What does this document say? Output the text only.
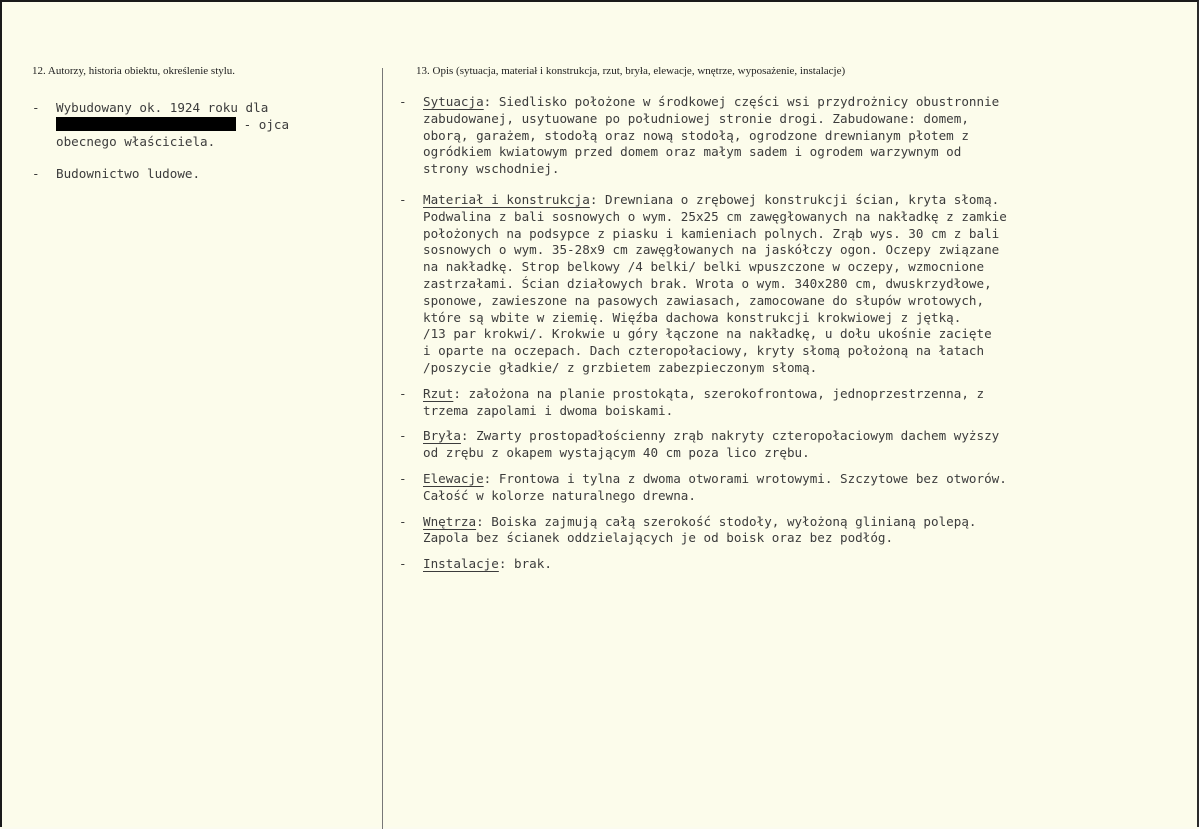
12. Autorzy, historia obiektu, określenie stylu.	13. Opis (sytuacja, materiał i konstrukcja, rzut, bryła, elewacje, wnętrze, wyposażenie, instalacje)
- Wybudowany ok. 1924 roku dla
- ojca
obecnego właściciela.

- Budownictwo ludowe.

- Sytuacja: Siedlisko położone w środkowej części wsi przydrożnicy obustronnie
zabudowanej, usytuowane po południowej stronie drogi. Zabudowane: domem,
oborą, garażem, stodołą oraz nową stodołą, ogrodzone drewnianym płotem z
ogródkiem kwiatowym przed domem oraz małym sadem i ogrodem warzywnym od
strony wschodniej.

- Materiał i konstrukcja: Drewniana o zrębowej konstrukcji ścian, kryta słomą.
Podwalina z bali sosnowych o wym. 25x25 cm zawęgłowanych na nakładkę z zamkie
położonych na podsypce z piasku i kamieniach polnych. Zrąb wys. 30 cm z bali
sosnowych o wym. 35-28x9 cm zawęgłowanych na jaskółczy ogon. Oczepy związane
na nakładkę. Strop belkowy /4 belki/ belki wpuszczone w oczepy, wzmocnione
zastrzałami. Ścian działowych brak. Wrota o wym. 340x280 cm, dwuskrzydłowe,
sponowe, zawieszone na pasowych zawiasach, zamocowane do słupów wrotowych,
które są wbite w ziemię. Więźba dachowa konstrukcji krokwiowej z jętką.
/13 par krokwi/. Krokwie u góry łączone na nakładkę, u dołu ukośnie zacięte
i oparte na oczepach. Dach czteropołaciowy, kryty słomą położoną na łatach
/poszycie gładkie/ z grzbietem zabezpieczonym słomą.

- Rzut: założona na planie prostokąta, szerokofrontowa, jednoprzestrzenna, z
trzema zapolami i dwoma boiskami.

- Bryła: Zwarty prostopadłościenny zrąb nakryty czteropołaciowym dachem wyższy
od zrębu z okapem wystającym 40 cm poza lico zrębu.

- Elewacje: Frontowa i tylna z dwoma otworami wrotowymi. Szczytowe bez otworów.
Całość w kolorze naturalnego drewna.

- Wnętrza: Boiska zajmują całą szerokość stodoły, wyłożoną glinianą polepą.
Zapola bez ścianek oddzielających je od boisk oraz bez podłóg.

- Instalacje: brak.
